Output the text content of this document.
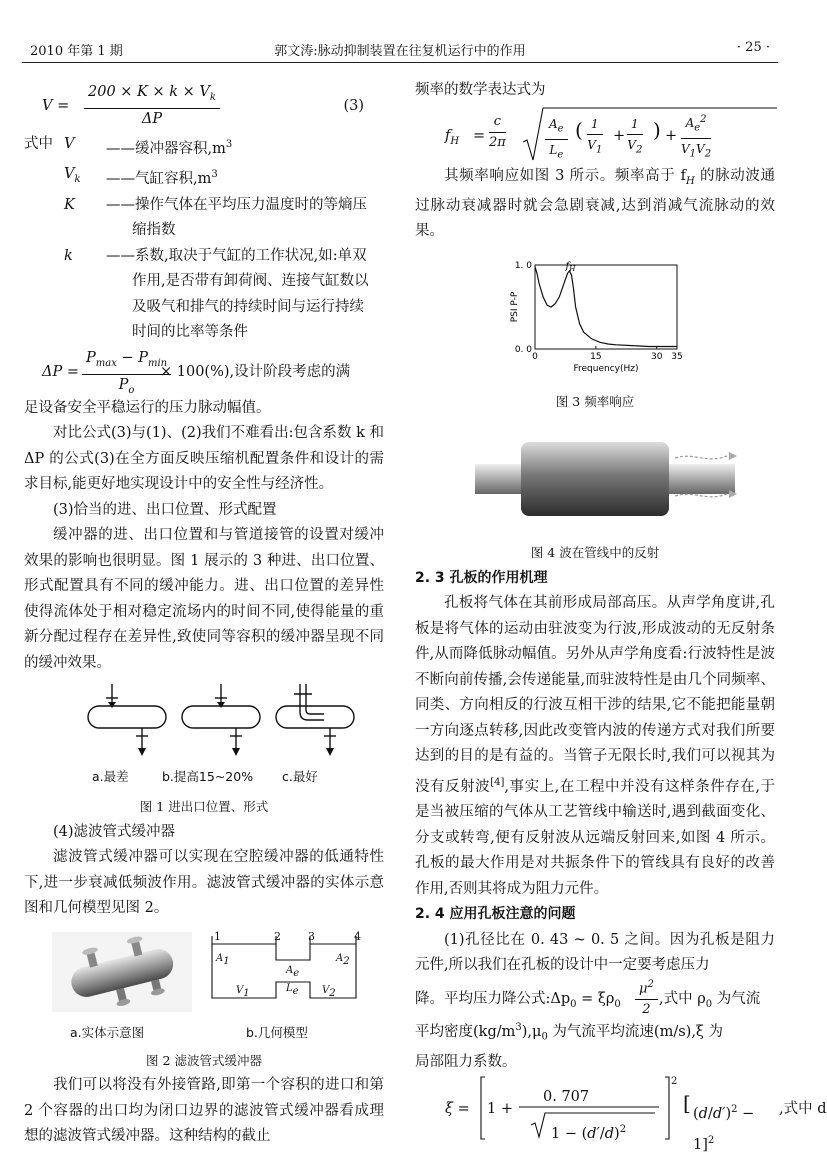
2010 年第 1 期	郭文涛:脉动抑制装置在往复机运行中的作用	· 25 ·
$V = \frac{200 \times K \times k \times V_k}{\Delta P}$	(3)
式中 V ——缓冲器容积$,m^3$
$V_k$ ——气缸容积$,m^3$
K ——操作气体在平均压力温度时的等熵压
缩指数
k ——系数,取决于气缸的工作状况,如:单双
作用,是否带有卸荷阀、连接气缸数以
及吸气和排气的持续时间与运行持续
时间的比率等条件
ΔP =
$P_{max} - P_{min}$
$P_o$
× 100(%),设计阶段考虑的满

足设备安全平稳运行的压力脉动幅值。

对比公式(3)与(1)、(2)我们不难看出:包含系数 k 和 ΔP 的公式(3)在全方面反映压缩机配置条件和设计的需求目标,能更好地实现设计中的安全性与经济性。

(3)恰当的进、出口位置、形式配置

缓冲器的进、出口位置和与管道接管的设置对缓冲效果的影响也很明显。图 1 展示的 3 种进、出口位置、形式配置具有不同的缓冲能力。进、出口位置的差异性使得流体处于相对稳定流场内的时间不同,使得能量的重新分配过程存在差异性,致使同等容积的缓冲器呈现不同的缓冲效果。

a.最差	b.提高15~20% c.最好
图 1 进出口位置、形式

(4)滤波管式缓冲器

滤波管式缓冲器可以实现在空腔缓冲器的低通特性下,进一步衰减低频波作用。滤波管式缓冲器的实体示意图和几何模型见图 2。

1	2 3	4
$A_1$
$A_e$
$A_2$
$V_1$	$L_e$ $V_2$
a.实体示意图	b.几何模型
图 2 滤波管式缓冲器

我们可以将没有外接管路,即第一个容积的进口和第 2 个容器的出口均为闭口边界的滤波管式缓冲器看成理想的滤波管式缓冲器。这种结构的截止

频率的数学表达式为

$f_H = \frac{c}{2\pi}$	$\frac{A_e}{L_e}$ ( $\frac{1}{V_1} + \frac{1}{V_2}$ ) + $\frac{A_e^2}{V_1V_2}$

其频率响应如图 3 所示。频率高于 $f_H$ 的脉动波通过脉动衰减器时就会急剧衰减,达到消减气流脉动的效果。

0	15	30 35
0. 0
1. 0
PSI P-P
Frequency(Hz)
$f_H$
图 3 频率响应
图 4 波在管线中的反射

2. 3 孔板的作用机理

孔板将气体在其前形成局部高压。从声学角度讲,孔板是将气体的运动由驻波变为行波,形成波动的无反射条件,从而降低脉动幅值。另外从声学角度看:行波特性是波不断向前传播,会传递能量,而驻波特性是由几个同频率、同类、方向相反的行波互相干涉的结果,它不能把能量朝一方向逐点转移,因此改变管内波的传递方式对我们所要达到的目的是有益的。当管子无限长时,我们可以视其为没有反射波[4],事实上,在工程中并没有这样条件存在,于是当被压缩的气体从工艺管线中输送时,遇到截面变化、分支或转弯,便有反射波从远端反射回来,如图 4 所示。孔板的最大作用是对共振条件下的管线具有良好的改善作用,否则其将成为阻力元件。

2. 4 应用孔板注意的问题

(1)孔径比在 0. 43 ~ 0. 5 之间。因为孔板是阻力元件,所以我们在孔板的设计中一定要考虑压力

降。平均压力降公式$:\Delta p_0 = \xi\rho_0 \frac{\mu^2}{2}$ ,式中 $\rho_0$ 为气流

平均密度$(kg/m^3),\mu_0$ 为气流平均流速(m/s),ξ 为

局部阻力系数。

ξ = 1 +
0. 707
$1 - (d'/d)^2$
2
[ $(d/d')^2 - 1]^2$
,式中 d
